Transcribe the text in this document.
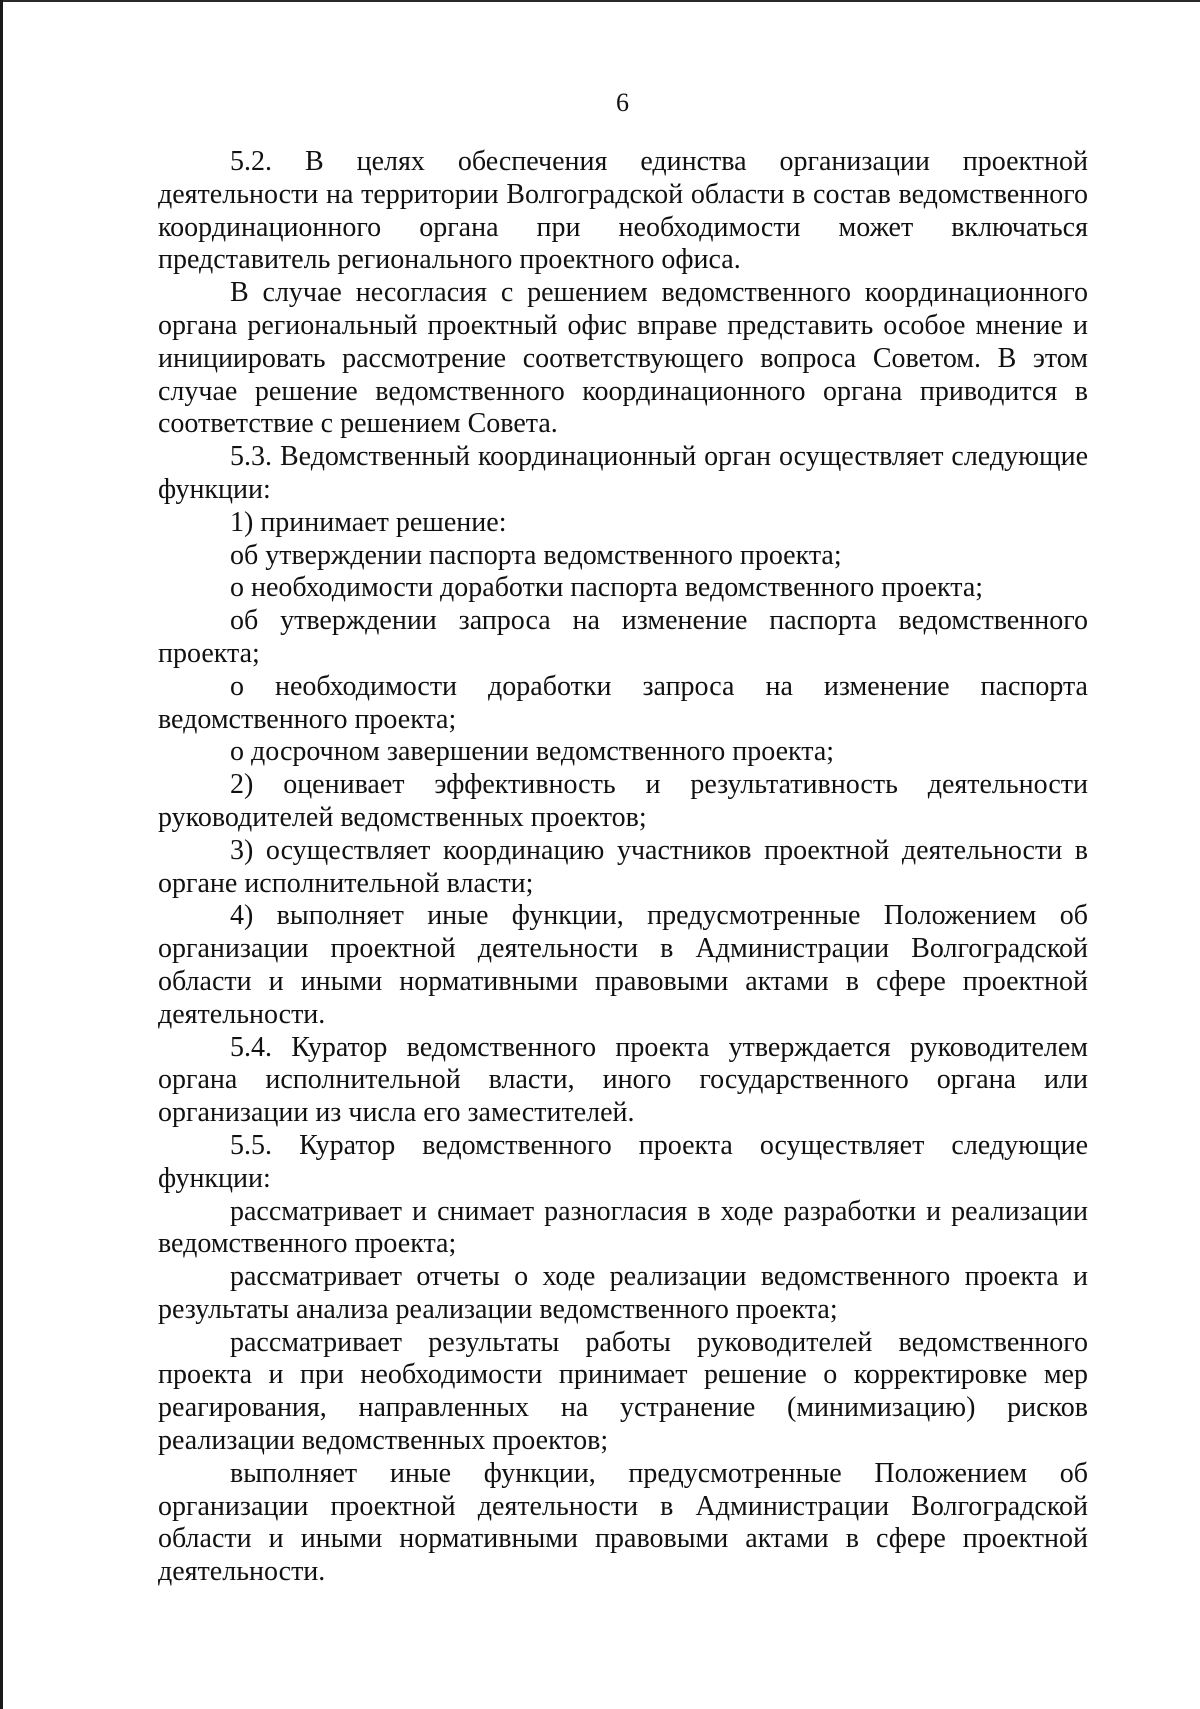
6

5.2. В целях обеспечения единства организации проектной деятельности на территории Волгоградской области в состав ведомственного координационного органа при необходимости может включаться представитель регионального проектного офиса.

В случае несогласия с решением ведомственного координационного органа региональный проектный офис вправе представить особое мнение и инициировать рассмотрение соответствующего вопроса Советом. В этом случае решение ведомственного координационного органа приводится в соответствие с решением Совета.

5.3. Ведомственный координационный орган осуществляет следующие функции:

1) принимает решение:

об утверждении паспорта ведомственного проекта;

о необходимости доработки паспорта ведомственного проекта;

об утверждении запроса на изменение паспорта ведомственного проекта;

о необходимости доработки запроса на изменение паспорта ведомственного проекта;

о досрочном завершении ведомственного проекта;

2) оценивает эффективность и результативность деятельности руководителей ведомственных проектов;

3) осуществляет координацию участников проектной деятельности в органе исполнительной власти;

4) выполняет иные функции, предусмотренные Положением об организации проектной деятельности в Администрации Волгоградской области и иными нормативными правовыми актами в сфере проектной деятельности.

5.4. Куратор ведомственного проекта утверждается руководителем органа исполнительной власти, иного государственного органа или организации из числа его заместителей.

5.5. Куратор ведомственного проекта осуществляет следующие функции:

рассматривает и снимает разногласия в ходе разработки и реализации ведомственного проекта;

рассматривает отчеты о ходе реализации ведомственного проекта и результаты анализа реализации ведомственного проекта;

рассматривает результаты работы руководителей ведомственного проекта и при необходимости принимает решение о корректировке мер реагирования, направленных на устранение (минимизацию) рисков реализации ведомственных проектов;

выполняет иные функции, предусмотренные Положением об организации проектной деятельности в Администрации Волгоградской области и иными нормативными правовыми актами в сфере проектной деятельности.
